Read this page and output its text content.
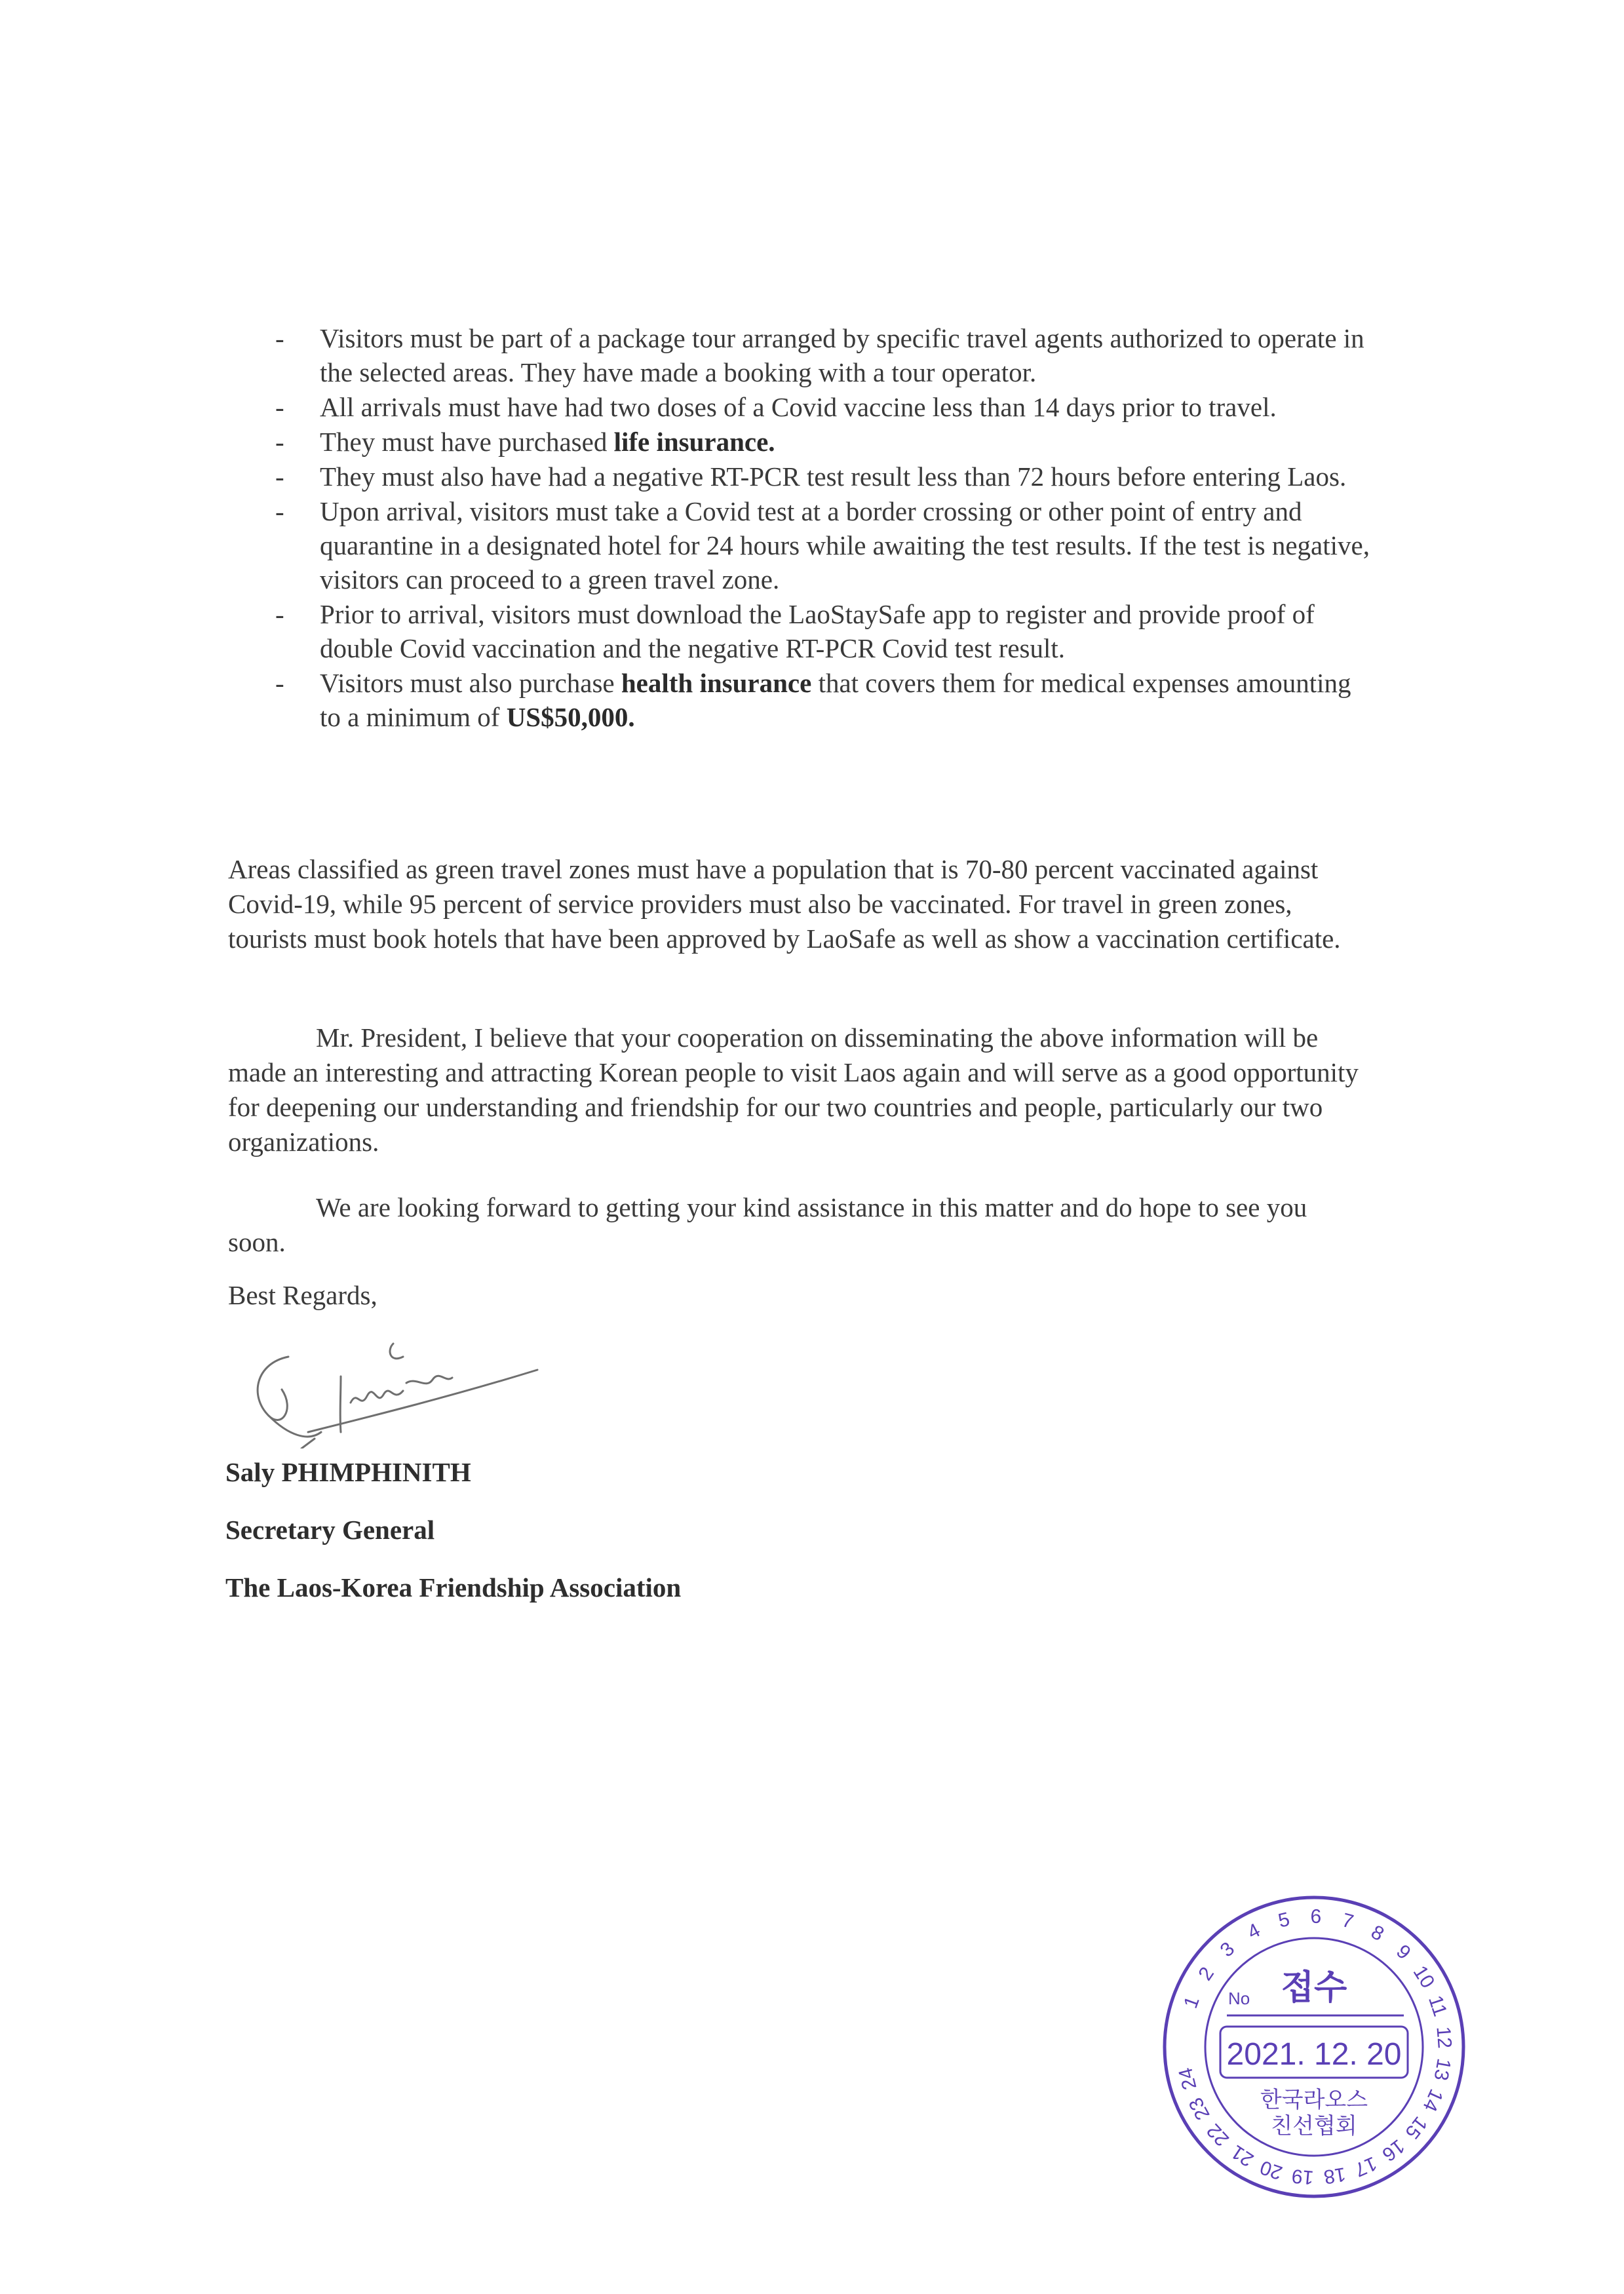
- Visitors must be part of a package tour arranged by specific travel agents authorized to operate in the selected areas. They have made a booking with a tour operator.
- All arrivals must have had two doses of a Covid vaccine less than 14 days prior to travel.
- They must have purchased life insurance.
- They must also have had a negative RT-PCR test result less than 72 hours before entering Laos.
- Upon arrival, visitors must take a Covid test at a border crossing or other point of entry and quarantine in a designated hotel for 24 hours while awaiting the test results. If the test is negative, visitors can proceed to a green travel zone.
- Prior to arrival, visitors must download the LaoStaySafe app to register and provide proof of double Covid vaccination and the negative RT-PCR Covid test result.
- Visitors must also purchase health insurance that covers them for medical expenses amounting to a minimum of US$50,000.

Areas classified as green travel zones must have a population that is 70-80 percent vaccinated against Covid-19, while 95 percent of service providers must also be vaccinated. For travel in green zones, tourists must book hotels that have been approved by LaoSafe as well as show a vaccination certificate.

Mr. President, I believe that your cooperation on disseminating the above information will be made an interesting and attracting Korean people to visit Laos again and will serve as a good opportunity for deepening our understanding and friendship for our two countries and people, particularly our two organizations.

We are looking forward to getting your kind assistance in this matter and do hope to see you soon.

Best Regards,

Saly PHIMPHINITH
Secretary General
The Laos-Korea Friendship Association
1
2
3
4 5 6 7 8
9
10
11
12
13
14
15
16
17
18
19
20
21
22
23
24
No 접수
2021. 12. 20
한국라오스
친선협회
